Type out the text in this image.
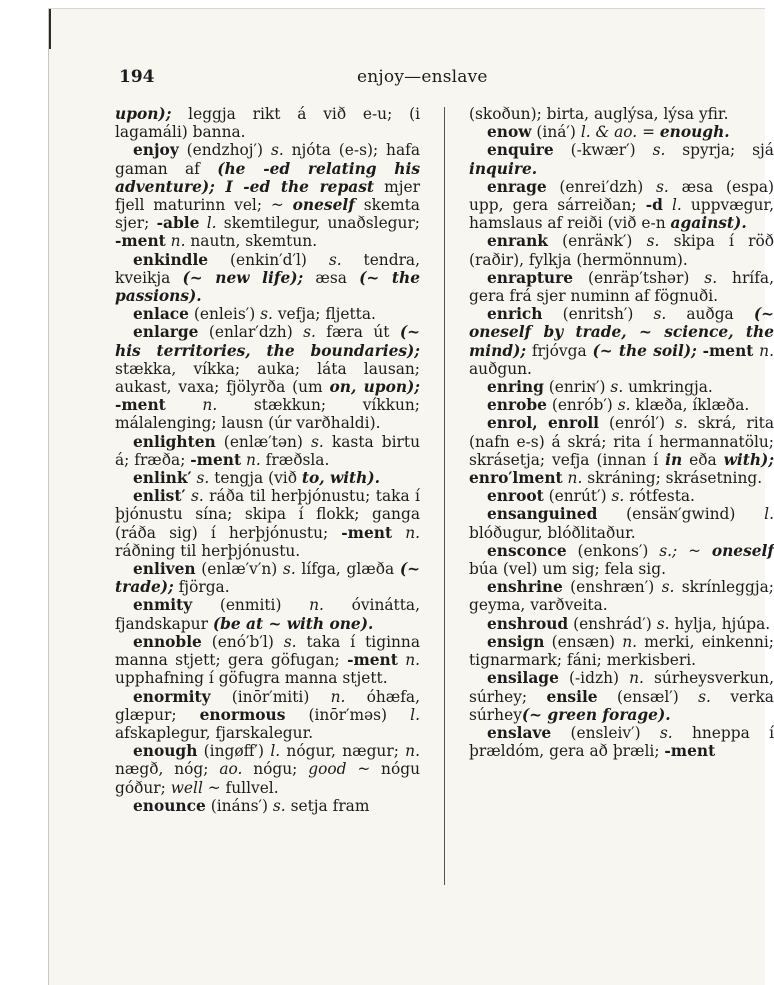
194	enjoy—enslave

upon); leggja rikt á við e-u; (i lagamáli) banna.

enjoy (endzhoj′) s. njóta (e-s); hafa gaman af (he -ed relating his adventure); I -ed the repast mjer fjell maturinn vel; ~ oneself skemta sjer; -able l. skemtilegur, unaðslegur; -ment n. nautn, skemtun.

enkindle (enkin′d′l) s. tendra, kveikja (~ new life); æsa (~ the passions).

enlace (enleis′) s. vefja; fljetta.

enlarge (enlar′dzh) s. færa út (~ his territories, the boundaries); stækka, víkka; auka; láta lausan; aukast, vaxa; fjölyrða (um on, upon); -ment n. stækkun; víkkun; málalenging; lausn (úr varðhaldi).

enlighten (enlæ′tən) s. kasta birtu á; fræða; -ment n. fræðsla.

enlink′ s. tengja (við to, with).

enlist′ s. ráða til herþjónustu; taka í þjónustu sína; skipa í flokk; ganga (ráða sig) í herþjónustu; -ment n. ráðning til herþjónustu.

enliven (enlæ′v′n) s. lífga, glæða (~ trade); fjörga.

enmity (enmiti) n. óvinátta, fjandskapur (be at ~ with one).

ennoble (enó′b′l) s. taka í tiginna manna stjett; gera göfugan; -ment n. upphafning í göfugra manna stjett.

enormity (inōr′miti) n. óhæfa, glæpur; enormous (inōr′məs) l. afskaplegur, fjarskalegur.

enough (ingøff′) l. nógur, nægur; n. nægð, nóg; ao. nógu; good ~ nógu góður; well ~ fullvel.

enounce (ináns′) s. setja fram

(skoðun); birta, auglýsa, lýsa yfir.

enow (iná′) l. & ao. = enough.

enquire (-kwær′) s. spyrja; sjá inquire.

enrage (enrei′dzh) s. æsa (espa) upp, gera sárreiðan; -d l. uppvægur, hamslaus af reiði (við e-n against).

enrank (enräɴk′) s. skipa í röð (raðir), fylkja (hermönnum).

enrapture (enräp′tshər) s. hrífa, gera frá sjer numinn af fögnuði.

enrich (enritsh′) s. auðga (~ oneself by trade, ~ science, the mind); frjóvga (~ the soil); -ment n. auðgun.

enring (enriɴ′) s. umkringja.

enrobe (enrób′) s. klæða, íklæða.

enrol, enroll (enról′) s. skrá, rita (nafn e-s) á skrá; rita í hermannatölu; skrásetja; vefja (innan í in eða with); enro′lment n. skráning; skrásetning.

enroot (enrút′) s. rótfesta.

ensanguined (ensäɴ′gwind) l. blóðugur, blóðlitaður.

ensconce (enkons′) s.; ~ oneself búa (vel) um sig; fela sig.

enshrine (enshræn′) s. skrínleggja; geyma, varðveita.

enshroud (enshrád′) s. hylja, hjúpa.

ensign (ensæn) n. merki, einkenni; tignarmark; fáni; merkisberi.

ensilage (-idzh) n. súrheysverkun, súrhey; ensile (ensæl′) s. verka súrhey(~ green forage).

enslave (ensleiv′) s. hneppa í þrældóm, gera að þræli; -ment
